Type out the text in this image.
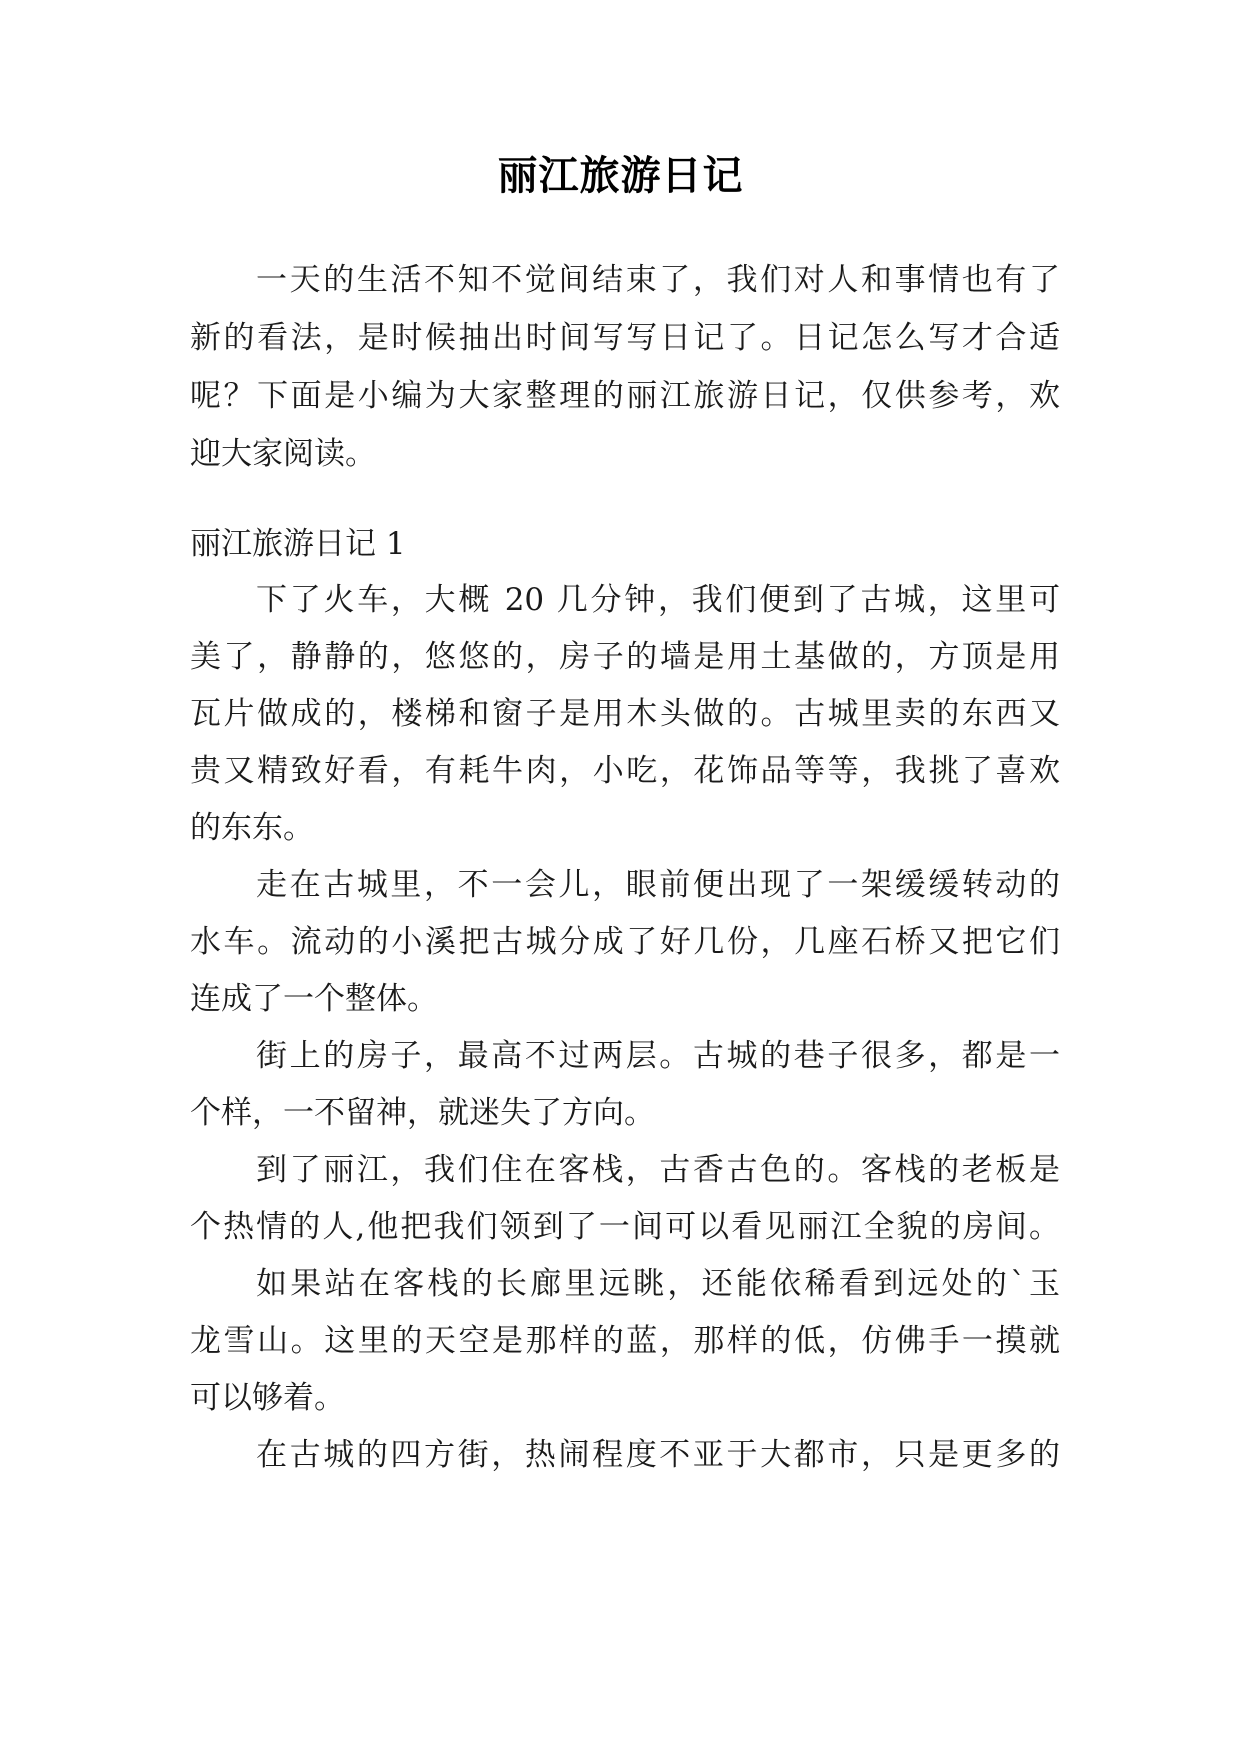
丽江旅游日记
一天的生活不知不觉间结束了，我们对人和事情也有了
新的看法，是时候抽出时间写写日记了。日记怎么写才合适
呢？下面是小编为大家整理的丽江旅游日记，仅供参考，欢
迎大家阅读。
丽江旅游日记 1
下了火车，大概 20 几分钟，我们便到了古城，这里可
美了，静静的，悠悠的，房子的墙是用土基做的，方顶是用
瓦片做成的，楼梯和窗子是用木头做的。古城里卖的东西又
贵又精致好看，有耗牛肉，小吃，花饰品等等，我挑了喜欢
的东东。
走在古城里，不一会儿，眼前便出现了一架缓缓转动的
水车。流动的小溪把古城分成了好几份，几座石桥又把它们
连成了一个整体。
街上的房子，最高不过两层。古城的巷子很多，都是一
个样，一不留神，就迷失了方向。
到了丽江，我们住在客栈，古香古色的。客栈的老板是
个热情的人,他把我们领到了一间可以看见丽江全貌的房间。
如果站在客栈的长廊里远眺，还能依稀看到远处的`玉
龙雪山。这里的天空是那样的蓝，那样的低，仿佛手一摸就
可以够着。
在古城的四方街，热闹程度不亚于大都市，只是更多的
